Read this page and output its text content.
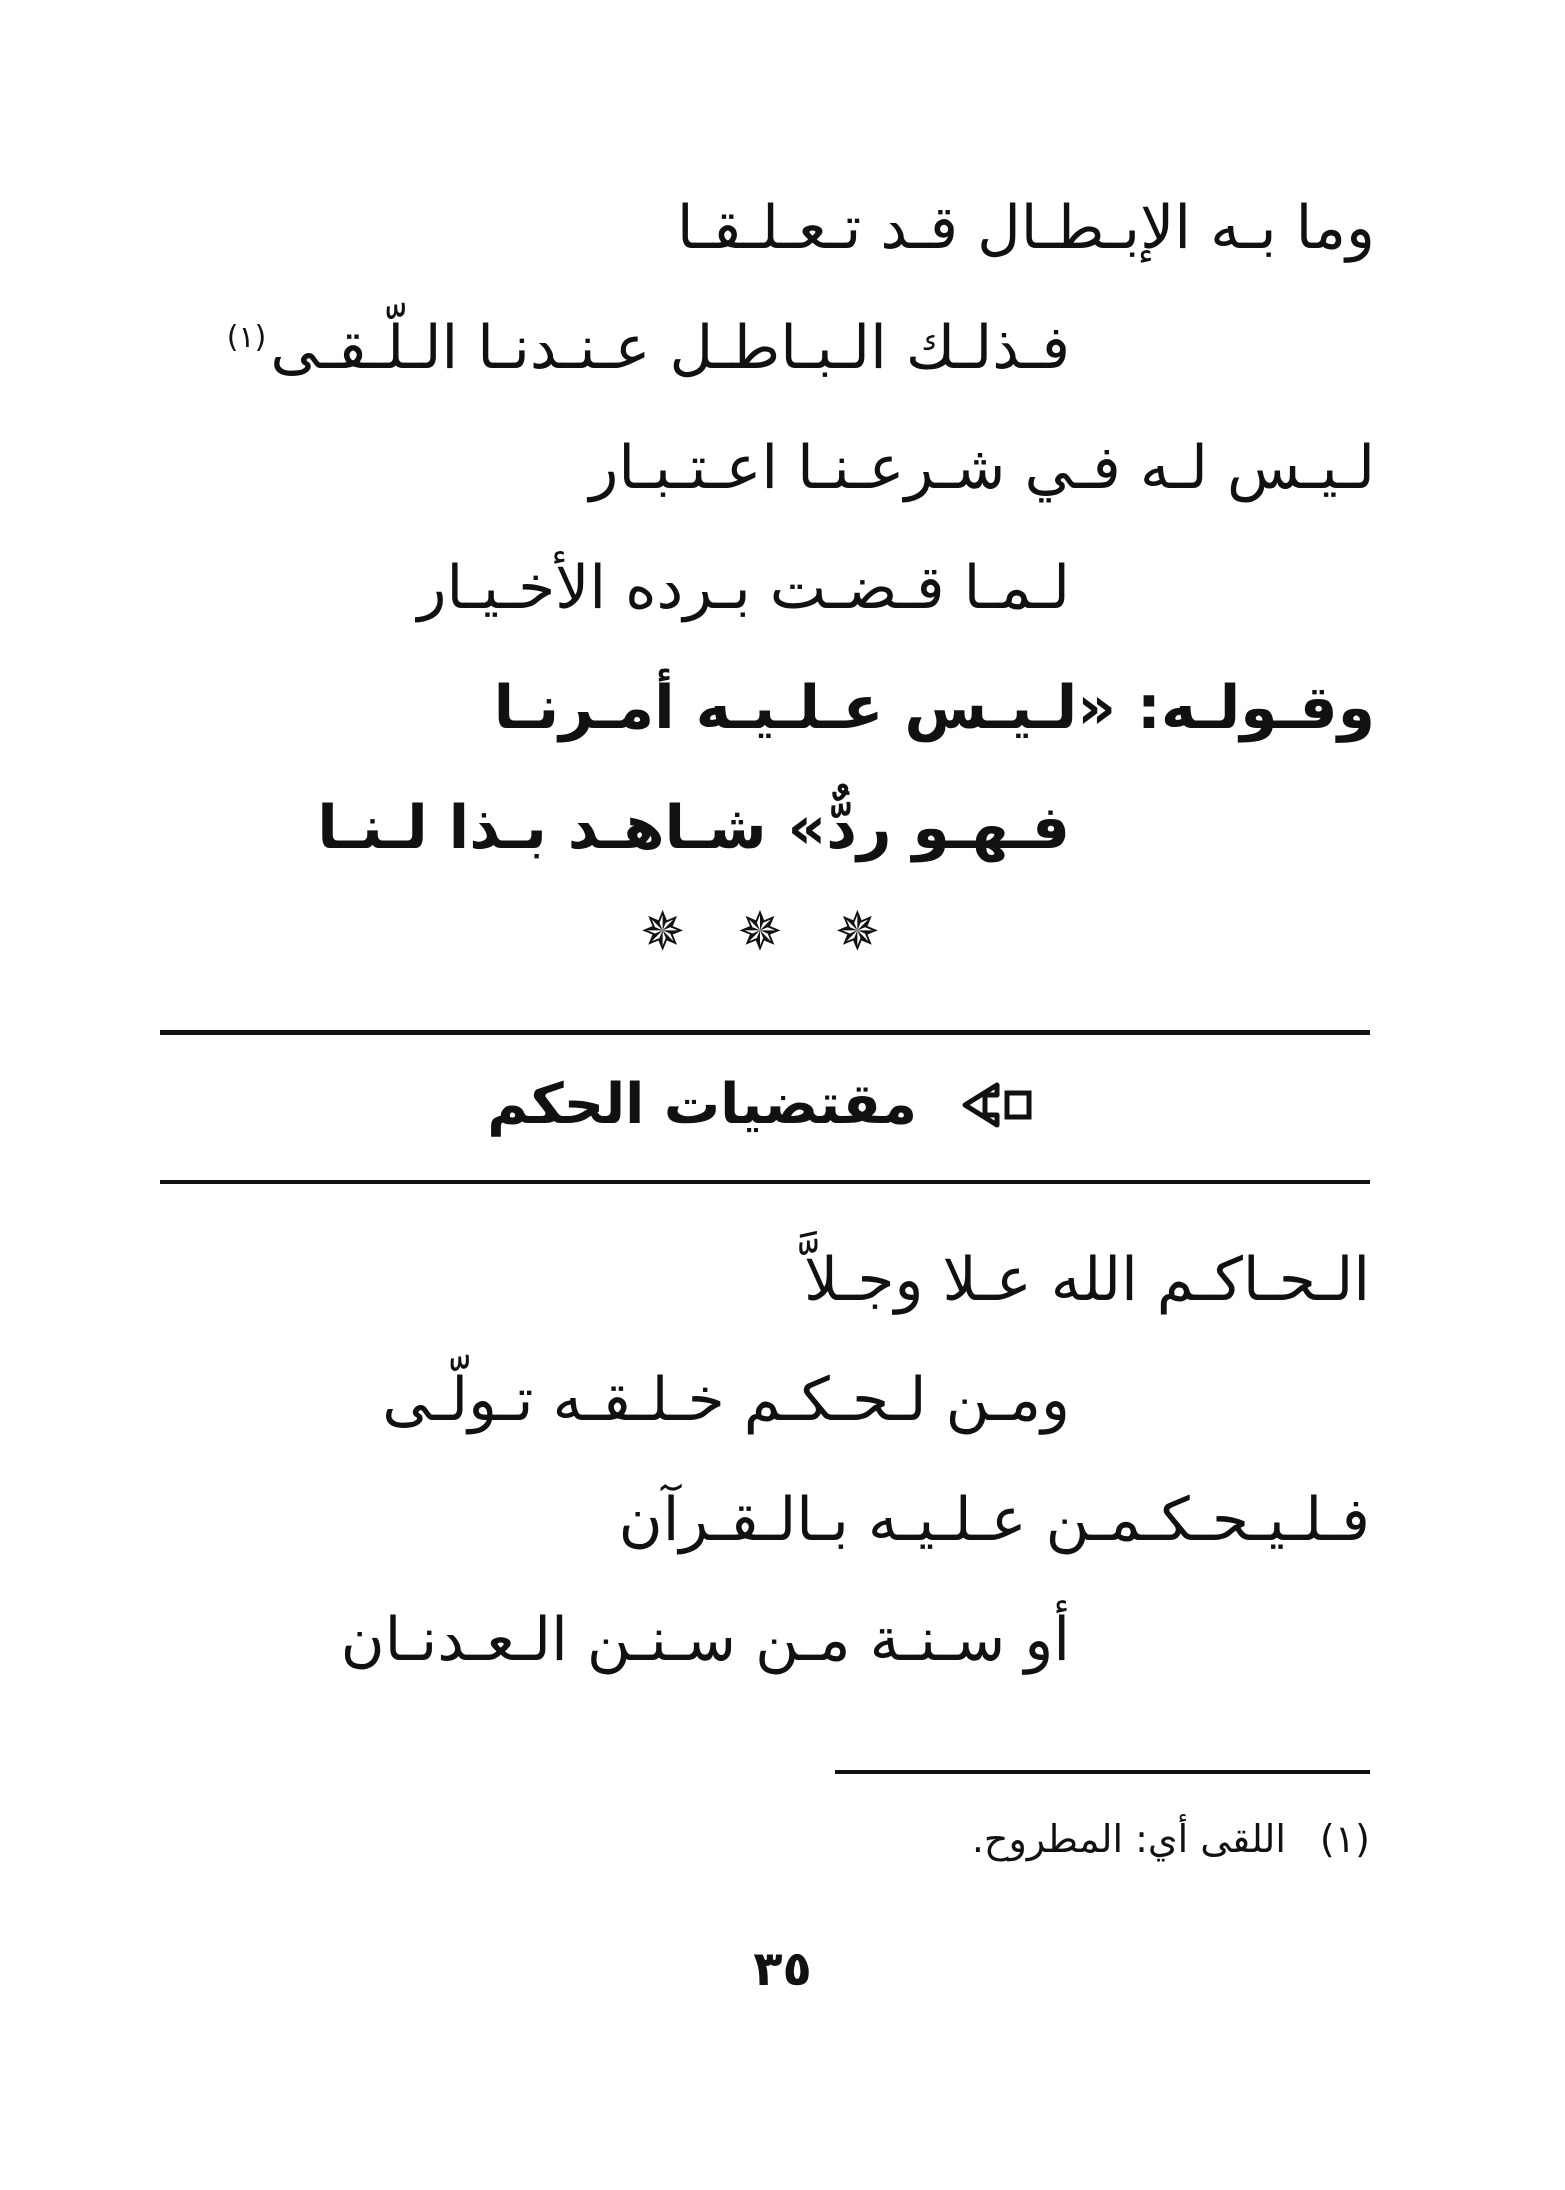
وما بـه الإبـطـال قـد تـعـلـقـا
فـذلـك الـبـاطـل عـنـدنـا الـلّـقـى$^{(١)}$
لـيـس لـه فـي شـرعـنـا اعـتـبـار
لـمـا قـضـت بـرده الأخـيـار
وقـولـه: «لـيـس عـلـيـه أمـرنـا
فـهـو ردٌّ» شـاهـد بـذا لـنـا
✵
✵
✵
مقتضيات الحكم
الـحـاكـم الله عـلا وجـلاَّ
ومـن لـحـكـم خـلـقـه تـولّـى
فـلـيـحـكـمـن عـلـيـه بـالـقـرآن
أو سـنـة مـن سـنـن الـعـدنـان
(١)اللقى أي: المطروح.
٣٥
